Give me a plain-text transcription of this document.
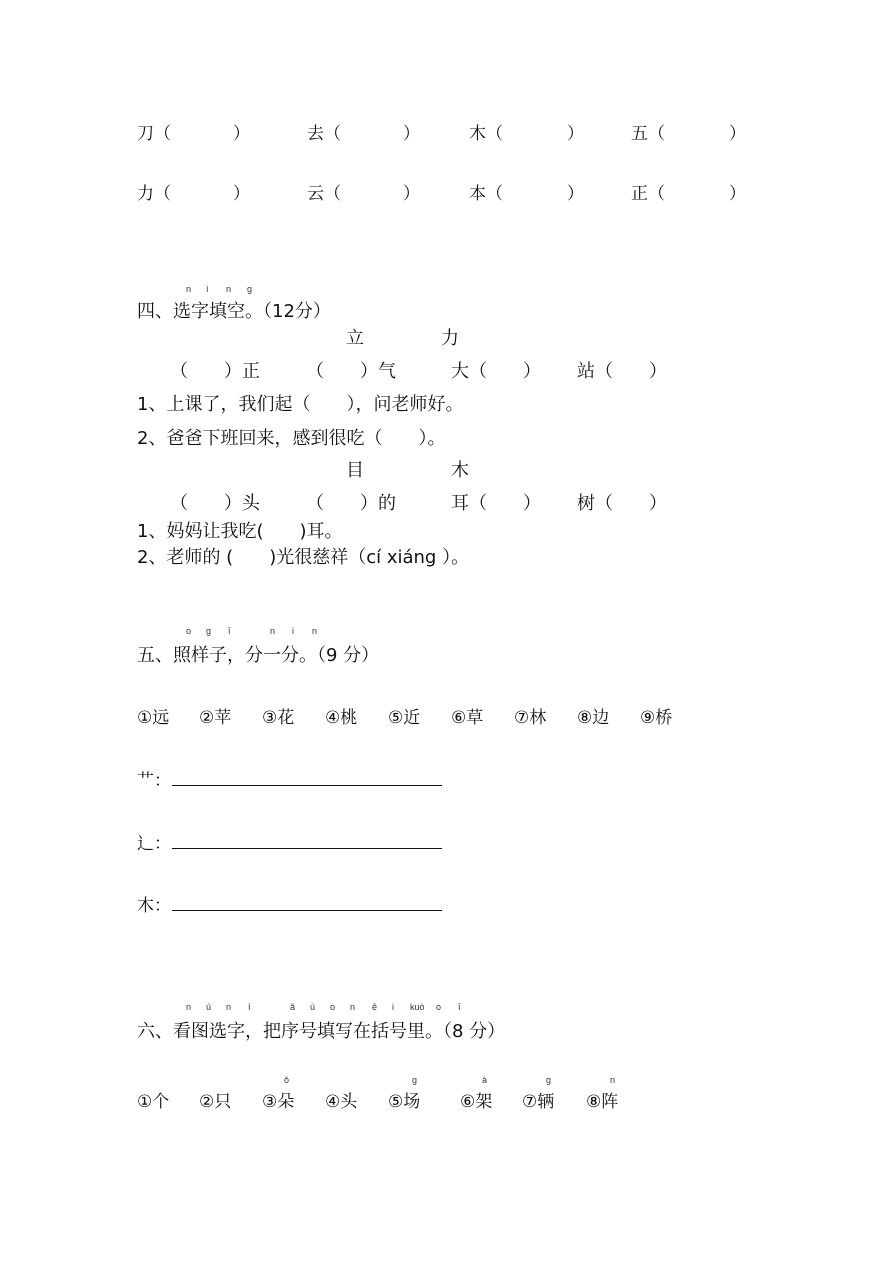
刀（	）	去（	）	木（	）	五（	）
力（	）	云（	）	本（	）	正（	）
n ì n g
四、选字填空。（12分）
立	力
（　　）正	（　　）气	大（　　） 站（　　）
1、上课了，我们起（　　），问老师好。
2、爸爸下班回来，感到很吃（　　）。
目	木
（　　）头	（　　）的	耳（　　） 树（　　）
1、妈妈让我吃(　　)耳。
2、老师的 (　　)光很慈祥（cí xiáng ）。
o g ī	n i n
五、照样子，分一分。（9 分）
①远 ②苹 ③花 ④桃 ⑤近 ⑥草 ⑦林 ⑧边 ⑨桥
艹：
辶：
木：
n ú n ì	ǎ ù o n ě i kuò o ī
六、看图选字，把序号填写在括号里。（8 分）
ǒ	g	à	g	n
①个 ②只 ③朵 ④头 ⑤场 ⑥架 ⑦辆 ⑧阵
